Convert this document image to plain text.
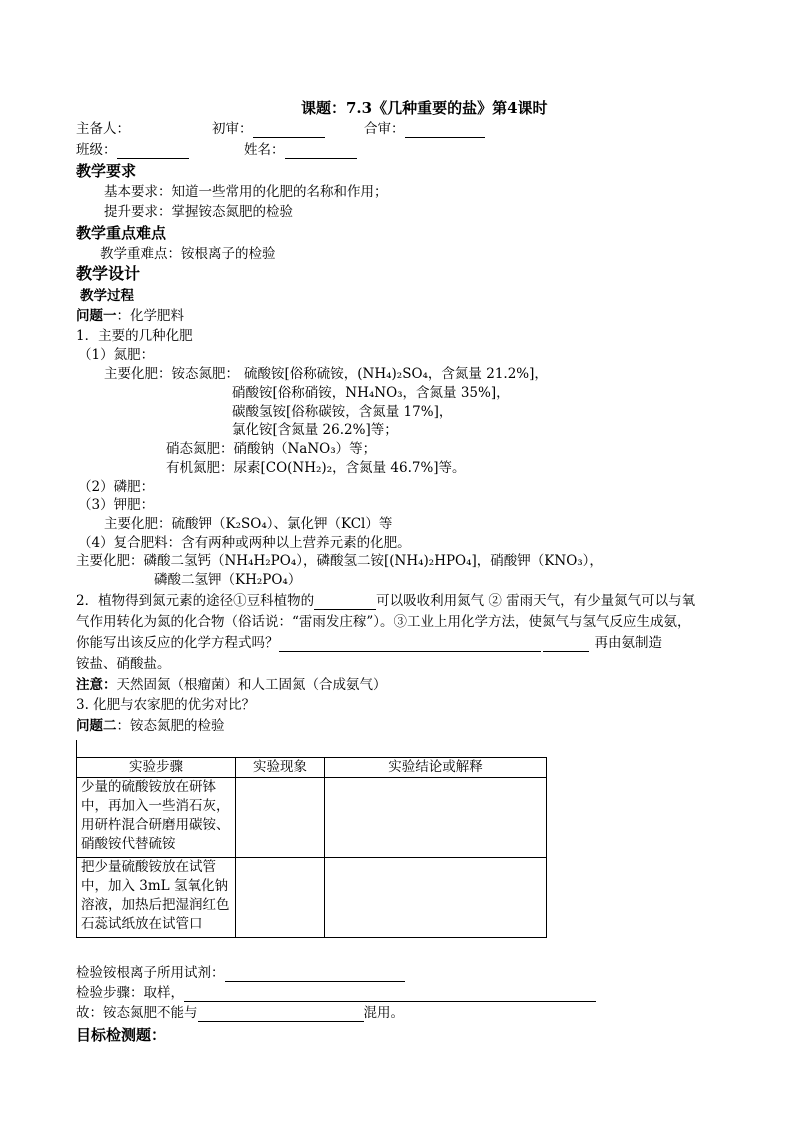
课题：7.3《几种重要的盐》第4课时
主备人：	初审：	合审：
班级：	姓名：
教学要求
基本要求：知道一些常用的化肥的名称和作用；
提升要求：掌握铵态氮肥的检验
教学重点难点
教学重难点：铵根离子的检验
教学设计
教学过程
问题一：化学肥料
1．主要的几种化肥
（1）氮肥：
主要化肥：铵态氮肥： 硫酸铵[俗称硫铵，(NH₄)₂SO₄，含氮量 21.2%]，
硝酸铵[俗称硝铵，NH₄NO₃，含氮量 35%]，
碳酸氢铵[俗称碳铵，含氮量 17%]，
氯化铵[含氮量 26.2%]等；
硝态氮肥：硝酸钠（NaNO₃）等；
有机氮肥：尿素[CO(NH₂)₂，含氮量 46.7%]等。
（2）磷肥：
（3）钾肥：
主要化肥：硫酸钾（K₂SO₄）、氯化钾（KCl）等
（4）复合肥料：含有两种或两种以上营养元素的化肥。
主要化肥：磷酸二氢钙（NH₄H₂PO₄），磷酸氢二铵[(NH₄)₂HPO₄]，硝酸钾（KNO₃），
磷酸二氢钾（KH₂PO₄）
2．植物得到氮元素的途径①豆科植物的	可以吸收利用氮气 ② 雷雨天气，有少量氮气可以与氧
气作用转化为氮的化合物（俗话说：“雷雨发庄稼”）。③工业上用化学方法，使氮气与氢气反应生成氨，
你能写出该反应的化学方程式吗？	再由氨制造
铵盐、硝酸盐。
注意：天然固氮（根瘤菌）和人工固氮（合成氨气）
3. 化肥与农家肥的优劣对比？
问题二：铵态氮肥的检验
实验步骤	实验现象	实验结论或解释
少量的硫酸铵放在研钵中，再加入一些消石灰，用研杵混合研磨用碳铵、硝酸铵代替硫铵		
把少量硫酸铵放在试管中，加入 3mL 氢氧化钠溶液，加热后把湿润红色石蕊试纸放在试管口		
检验铵根离子所用试剂：
检验步骤：取样，
故：铵态氮肥不能与	混用。
目标检测题：
